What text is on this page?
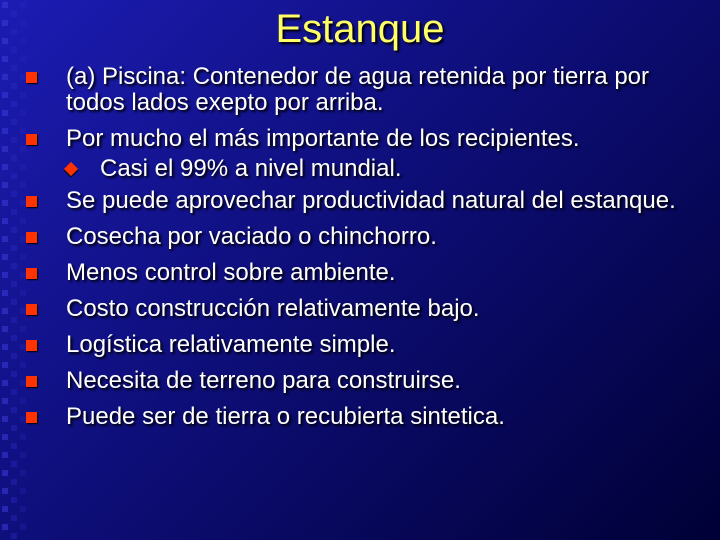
Estanque
(a) Piscina: Contenedor de agua retenida por tierra por todos lados exepto por arriba.
Por mucho el más importante de los recipientes.
Casi el 99% a nivel mundial.
Se puede aprovechar productividad natural del estanque.
Cosecha por vaciado o chinchorro.
Menos control sobre ambiente.
Costo construcción relativamente bajo.
Logística relativamente simple.
Necesita de terreno para construirse.
Puede ser de tierra o recubierta sintetica.
